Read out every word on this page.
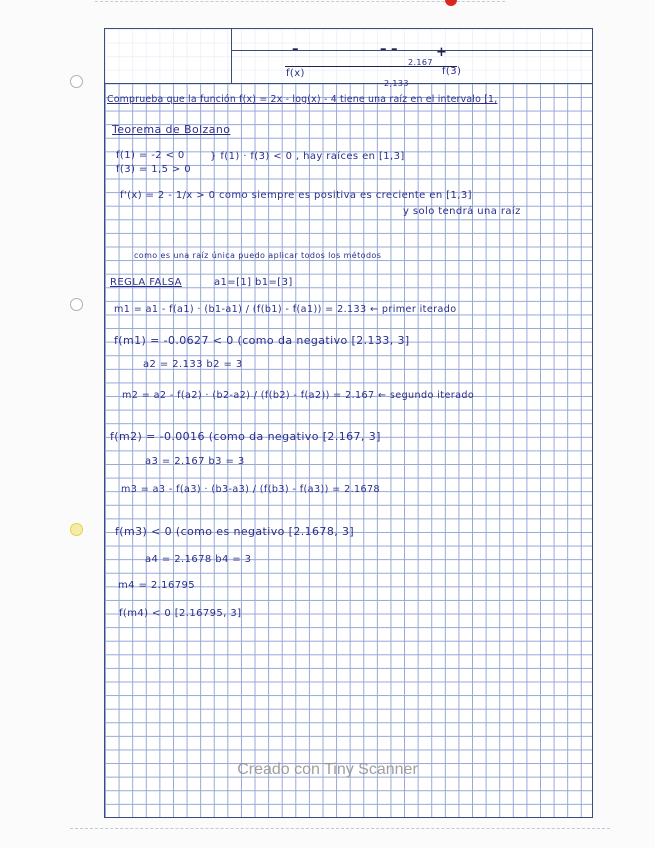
–	– –	+
f(x)	f(3)
2.167
2,133
Comprueba que la función f(x) = 2x - log(x) - 4 tiene una raíz en el intervalo [1,
Teorema de Bolzano
f(1) = -2 < 0
f(3) = 1,5 > 0
} f(1) · f(3) < 0 , hay raíces en [1,3]
f'(x) = 2 - 1/x > 0 como siempre es positiva es creciente en [1,3]
y solo tendrá una raíz
como es una raíz única puedo aplicar todos los métodos
REGLA FALSA	a1=[1] b1=[3]
m1 = a1 - f(a1) · (b1-a1) / (f(b1) - f(a1)) = 2.133 ← primer iterado
f(m1) = -0.0627 < 0 (como da negativo [2.133, 3]
a2 = 2.133 b2 = 3
m2 = a2 - f(a2) · (b2-a2) / (f(b2) - f(a2)) = 2.167 ← segundo iterado
f(m2) = -0.0016 (como da negativo [2.167, 3]
a3 = 2.167 b3 = 3
m3 = a3 - f(a3) · (b3-a3) / (f(b3) - f(a3)) = 2.1678
f(m3) < 0 (como es negativo [2.1678, 3]
a4 = 2.1678 b4 = 3
m4 = 2.16795
f(m4) < 0 [2.16795, 3]
Creado con Tiny Scanner
